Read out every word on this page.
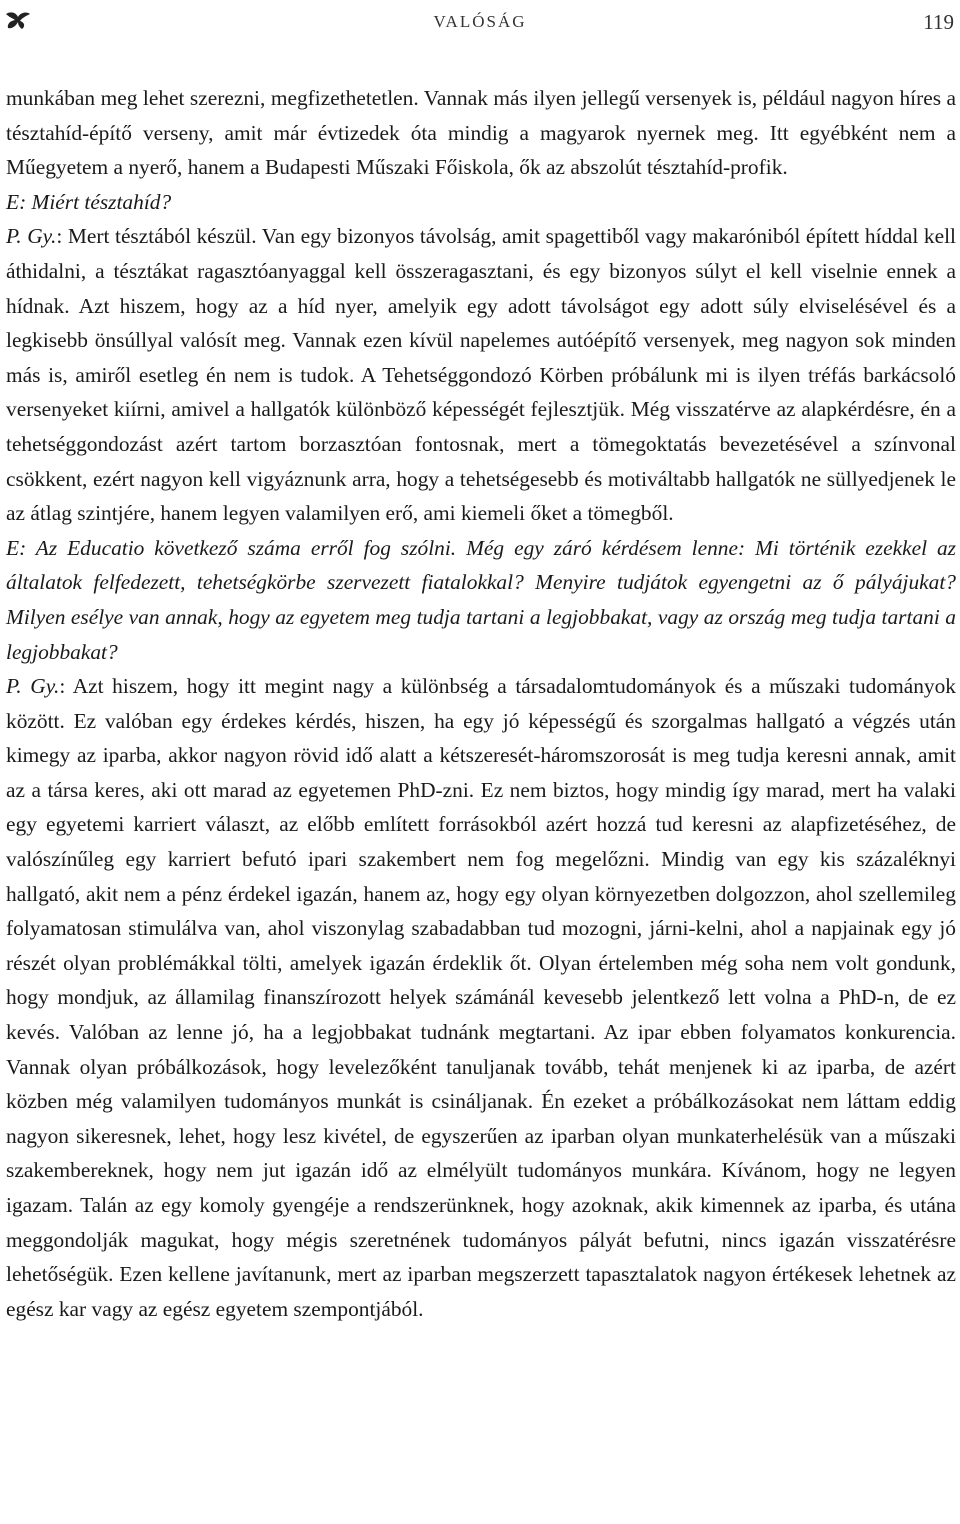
VALÓSÁG	119

munkában meg lehet szerezni, megfizethetetlen. Vannak más ilyen jellegű versenyek is, például nagyon híres a tésztahíd-építő verseny, amit már évtizedek óta mindig a magyarok nyernek meg. Itt egyébként nem a Műegyetem a nyerő, hanem a Budapesti Műszaki Főiskola, ők az abszolút tésztahíd-profik.

E: Miért tésztahíd?

P. Gy.: Mert tésztából készül. Van egy bizonyos távolság, amit spagettiből vagy makaróniból épített híddal kell áthidalni, a tésztákat ragasztóanyaggal kell összeragasztani, és egy bizonyos súlyt el kell viselnie ennek a hídnak. Azt hiszem, hogy az a híd nyer, amelyik egy adott távolságot egy adott súly elviselésével és a legkisebb önsúllyal valósít meg. Vannak ezen kívül napelemes autóépítő versenyek, meg nagyon sok minden más is, amiről esetleg én nem is tudok. A Tehetséggondozó Körben próbálunk mi is ilyen tréfás barkácsoló versenyeket kiírni, amivel a hallgatók különböző képességét fejlesztjük. Még visszatérve az alapkérdésre, én a tehetséggondozást azért tartom borzasztóan fontosnak, mert a tömegoktatás bevezetésével a színvonal csökkent, ezért nagyon kell vigyáznunk arra, hogy a tehetségesebb és motiváltabb hallgatók ne süllyedjenek le az átlag szintjére, hanem legyen valamilyen erő, ami kiemeli őket a tömegből.

E: Az Educatio következő száma erről fog szólni. Még egy záró kérdésem lenne: Mi történik ezekkel az általatok felfedezett, tehetségkörbe szervezett fiatalokkal? Menyire tudjátok egyengetni az ő pályájukat? Milyen esélye van annak, hogy az egyetem meg tudja tartani a legjobbakat, vagy az ország meg tudja tartani a legjobbakat?

P. Gy.: Azt hiszem, hogy itt megint nagy a különbség a társadalomtudományok és a műszaki tudományok között. Ez valóban egy érdekes kérdés, hiszen, ha egy jó képességű és szorgalmas hallgató a végzés után kimegy az iparba, akkor nagyon rövid idő alatt a kétszeresét-háromszorosát is meg tudja keresni annak, amit az a társa keres, aki ott marad az egyetemen PhD-zni. Ez nem biztos, hogy mindig így marad, mert ha valaki egy egyetemi karriert választ, az előbb említett forrásokból azért hozzá tud keresni az alapfizetéséhez, de valószínűleg egy karriert befutó ipari szakembert nem fog megelőzni. Mindig van egy kis százaléknyi hallgató, akit nem a pénz érdekel igazán, hanem az, hogy egy olyan környezetben dolgozzon, ahol szellemileg folyamatosan stimulálva van, ahol viszonylag szabadabban tud mozogni, járni-kelni, ahol a napjainak egy jó részét olyan problémákkal tölti, amelyek igazán érdeklik őt. Olyan értelemben még soha nem volt gondunk, hogy mondjuk, az államilag finanszírozott helyek számánál kevesebb jelentkező lett volna a PhD-n, de ez kevés. Valóban az lenne jó, ha a legjobbakat tudnánk megtartani. Az ipar ebben folyamatos konkurencia. Vannak olyan próbálkozások, hogy levelezőként tanuljanak tovább, tehát menjenek ki az iparba, de azért közben még valamilyen tudományos munkát is csináljanak. Én ezeket a próbálkozásokat nem láttam eddig nagyon sikeresnek, lehet, hogy lesz kivétel, de egyszerűen az iparban olyan munkaterhelésük van a műszaki szakembereknek, hogy nem jut igazán idő az elmélyült tudományos munkára. Kívánom, hogy ne legyen igazam. Talán az egy komoly gyengéje a rendszerünknek, hogy azoknak, akik kimennek az iparba, és utána meggondolják magukat, hogy mégis szeretnének tudományos pályát befutni, nincs igazán visszatérésre lehetőségük. Ezen kellene javítanunk, mert az iparban megszerzett tapasztalatok nagyon értékesek lehetnek az egész kar vagy az egész egyetem szempontjából.
